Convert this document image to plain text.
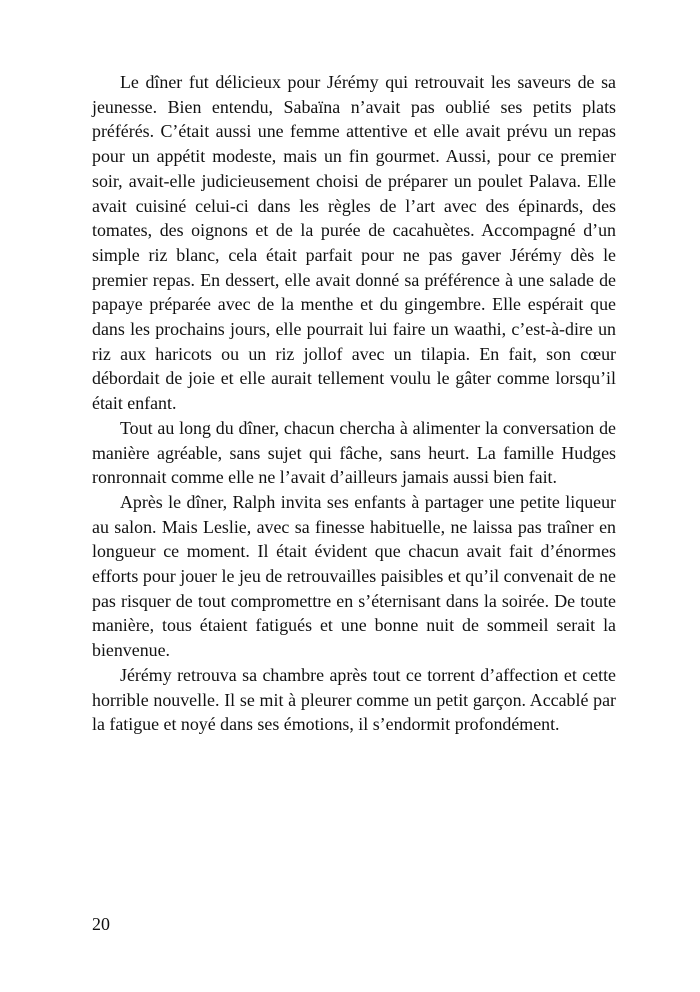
Le dîner fut délicieux pour Jérémy qui retrouvait les saveurs de sa jeunesse. Bien entendu, Sabaïna n’avait pas oublié ses petits plats préférés. C’était aussi une femme attentive et elle avait prévu un repas pour un appétit modeste, mais un fin gourmet. Aussi, pour ce premier soir, avait-elle judicieusement choisi de préparer un poulet Palava. Elle avait cuisiné celui-ci dans les règles de l’art avec des épinards, des tomates, des oignons et de la purée de cacahuètes. Accompagné d’un simple riz blanc, cela était parfait pour ne pas gaver Jérémy dès le premier repas. En dessert, elle avait donné sa préférence à une salade de papaye préparée avec de la menthe et du gingembre. Elle espérait que dans les prochains jours, elle pourrait lui faire un waathi, c’est-à-dire un riz aux haricots ou un riz jollof avec un tilapia. En fait, son cœur débordait de joie et elle aurait tellement voulu le gâter comme lorsqu’il était enfant.

Tout au long du dîner, chacun chercha à alimenter la conversation de manière agréable, sans sujet qui fâche, sans heurt. La famille Hudges ronronnait comme elle ne l’avait d’ailleurs jamais aussi bien fait.

Après le dîner, Ralph invita ses enfants à partager une petite liqueur au salon. Mais Leslie, avec sa finesse habituelle, ne laissa pas traîner en longueur ce moment. Il était évident que chacun avait fait d’énormes efforts pour jouer le jeu de retrouvailles paisibles et qu’il convenait de ne pas risquer de tout compromettre en s’éternisant dans la soirée. De toute manière, tous étaient fatigués et une bonne nuit de sommeil serait la bienvenue.

Jérémy retrouva sa chambre après tout ce torrent d’affection et cette horrible nouvelle. Il se mit à pleurer comme un petit garçon. Accablé par la fatigue et noyé dans ses émotions, il s’endormit profondément.

20
